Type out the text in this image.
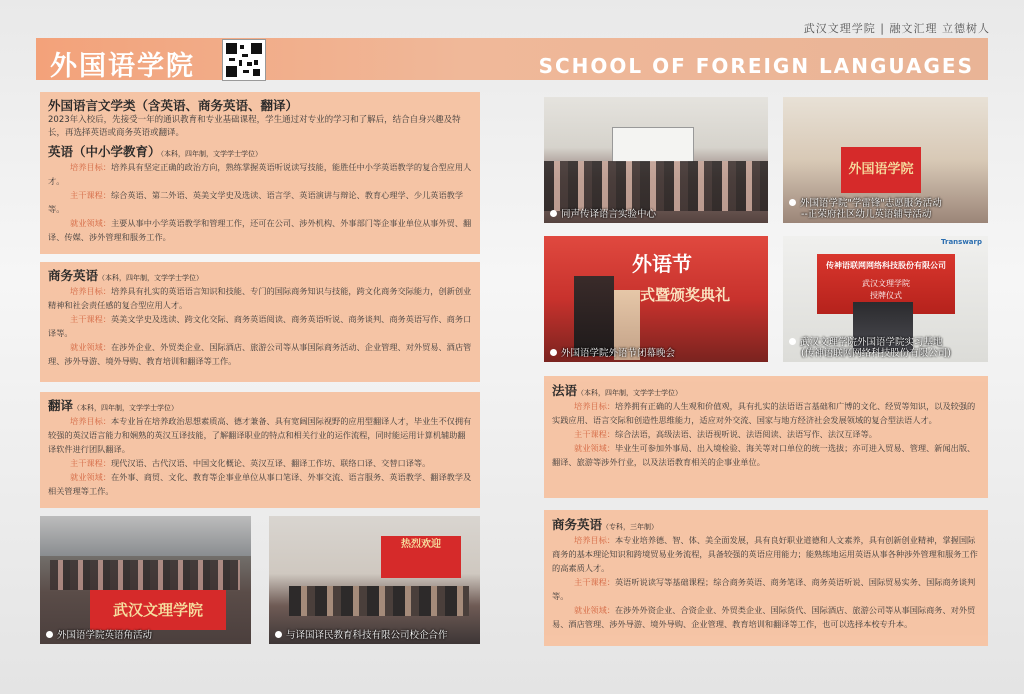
武汉文理学院 | 融文汇理 立德树人
外国语学院	SCHOOL OF FOREIGN LANGUAGES
外国语言文学类（含英语、商务英语、翻译）
2023年入校后，先接受一年的通识教育和专业基础课程，学生通过对专业的学习和了解后，结合自身兴趣及特长，再选择英语或商务英语或翻译。
英语（中小学教育）（本科，四年制，文学学士学位）
培养目标：培养具有坚定正确的政治方向，熟练掌握英语听说读写技能，能胜任中小学英语教学的复合型应用人才。
主干课程：综合英语、第二外语、英美文学史及选读、语言学、英语演讲与辩论、教育心理学、少儿英语教学等。
就业领域：主要从事中小学英语教学和管理工作，还可在公司、涉外机构、外事部门等企事业单位从事外贸、翻译、传媒、涉外管理和服务工作。
商务英语（本科，四年制，文学学士学位）
培养目标：培养具有扎实的英语语言知识和技能、专门的国际商务知识与技能，跨文化商务交际能力，创新创业精神和社会责任感的复合型应用人才。
主干课程：英美文学史及选读、跨文化交际、商务英语阅读、商务英语听说、商务谈判、商务英语写作、商务口译等。
就业领域：在涉外企业、外贸类企业、国际酒店、旅游公司等从事国际商务活动、企业管理、对外贸易、酒店管理、涉外导游、境外导购、教育培训和翻译等工作。
翻译（本科，四年制，文学学士学位）
培养目标：本专业旨在培养政治思想素质高、德才兼备、具有宽阔国际视野的应用型翻译人才，毕业生不仅拥有较强的英汉语言能力和娴熟的英汉互译技能，了解翻译职业的特点和相关行业的运作流程，同时能运用计算机辅助翻译软件进行团队翻译。
主干课程：现代汉语、古代汉语、中国文化概论、英汉互译、翻译工作坊、联络口译、交替口译等。
就业领域：在外事、商贸、文化、教育等企事业单位从事口笔译、外事交流、语言服务、英语教学、翻译教学及相关管理等工作。
武汉文理学院
外国语学院英语角活动
热烈欢迎
与译国译民教育科技有限公司校企合作
同声传译语言实验中心
外国语学院
外国语学院"学雷锋"志愿服务活动
--正荣府社区幼儿英语辅导活动
外语节
式暨颁奖典礼
外国语学院外语节闭幕晚会
Transwarp
传神语联网网络科技股份有限公司
武汉文理学院
授牌仪式
武汉文理学院外国语学院实习基地
(传神语联网网络科技股份有限公司)
法语（本科，四年制，文学学士学位）
培养目标：培养拥有正确的人生观和价值观，具有扎实的法语语言基础和广博的文化、经贸等知识，以及较强的实践应用、语言交际和创造性思维能力，适应对外交流、国家与地方经济社会发展领域的复合型法语人才。
主干课程：综合法语，高级法语、法语视听说、法语阅读、法语写作、法汉互译等。
就业领域：毕业生可参加外事局、出入境检验、海关等对口单位的统一选拔；亦可进入贸易、管理、新闻出版、翻译、旅游等涉外行业，以及法语教育相关的企事业单位。
商务英语（专科，三年制）
培养目标：本专业培养德、智、体、美全面发展，具有良好职业道德和人文素养，具有创新创业精神，掌握国际商务的基本理论知识和跨境贸易业务流程，具备较强的英语应用能力；能熟练地运用英语从事各种涉外管理和服务工作的高素质人才。
主干课程：英语听说读写等基础课程；综合商务英语、商务笔译、商务英语听说、国际贸易实务、国际商务谈判等。
就业领域：在涉外外资企业、合资企业、外贸类企业、国际货代、国际酒店、旅游公司等从事国际商务、对外贸易、酒店管理、涉外导游、境外导购、企业管理、教育培训和翻译等工作，也可以选择本校专升本。
